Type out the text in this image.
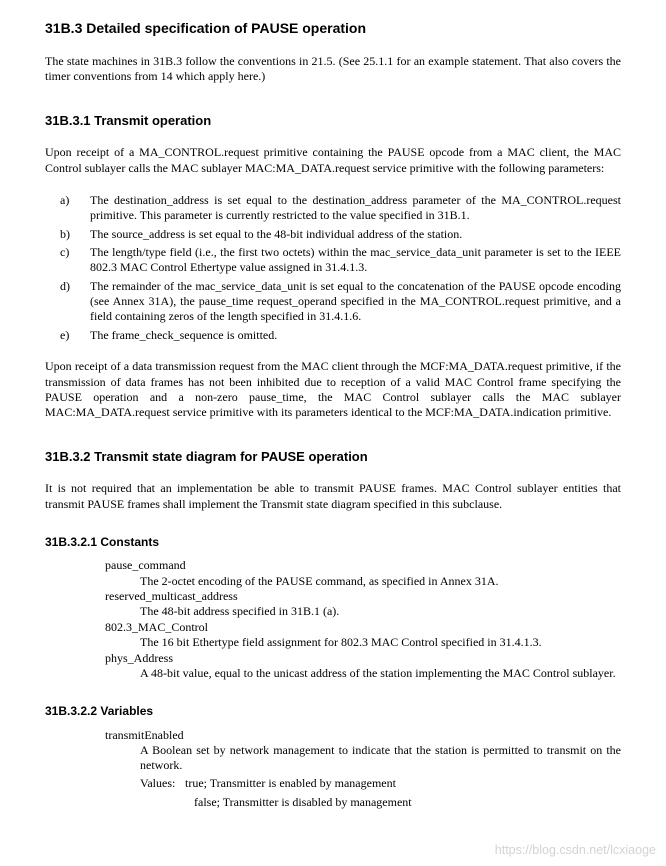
31B.3 Detailed specification of PAUSE operation

The state machines in 31B.3 follow the conventions in 21.5. (See 25.1.1 for an example statement. That also covers the timer conventions from 14 which apply here.)

31B.3.1 Transmit operation

Upon receipt of a MA_CONTROL.request primitive containing the PAUSE opcode from a MAC client, the MAC Control sublayer calls the MAC sublayer MAC:MA_DATA.request service primitive with the following parameters:

a)	The destination_address is set equal to the destination_address parameter of the MA_CONTROL.request primitive. This parameter is currently restricted to the value specified in 31B.1.
b)	The source_address is set equal to the 48-bit individual address of the station.
c)	The length/type field (i.e., the first two octets) within the mac_service_data_unit parameter is set to the IEEE 802.3 MAC Control Ethertype value assigned in 31.4.1.3.
d)	The remainder of the mac_service_data_unit is set equal to the concatenation of the PAUSE opcode encoding (see Annex 31A), the pause_time request_operand specified in the MA_CONTROL.request primitive, and a field containing zeros of the length specified in 31.4.1.6.
e)	The frame_check_sequence is omitted.

Upon receipt of a data transmission request from the MAC client through the MCF:MA_DATA.request primitive, if the transmission of data frames has not been inhibited due to reception of a valid MAC Control frame specifying the PAUSE operation and a non-zero pause_time, the MAC Control sublayer calls the MAC sublayer MAC:MA_DATA.request service primitive with its parameters identical to the MCF:MA_DATA.indication primitive.

31B.3.2 Transmit state diagram for PAUSE operation

It is not required that an implementation be able to transmit PAUSE frames. MAC Control sublayer entities that transmit PAUSE frames shall implement the Transmit state diagram specified in this subclause.

31B.3.2.1 Constants
pause_command
The 2-octet encoding of the PAUSE command, as specified in Annex 31A.
reserved_multicast_address
The 48-bit address specified in 31B.1 (a).
802.3_MAC_Control
The 16 bit Ethertype field assignment for 802.3 MAC Control specified in 31.4.1.3.
phys_Address
A 48-bit value, equal to the unicast address of the station implementing the MAC Control sublayer.
31B.3.2.2 Variables
transmitEnabled
A Boolean set by network management to indicate that the station is permitted to transmit on the network.
Values: true; Transmitter is enabled by management
false; Transmitter is disabled by management
https://blog.csdn.net/lcxiaoge
